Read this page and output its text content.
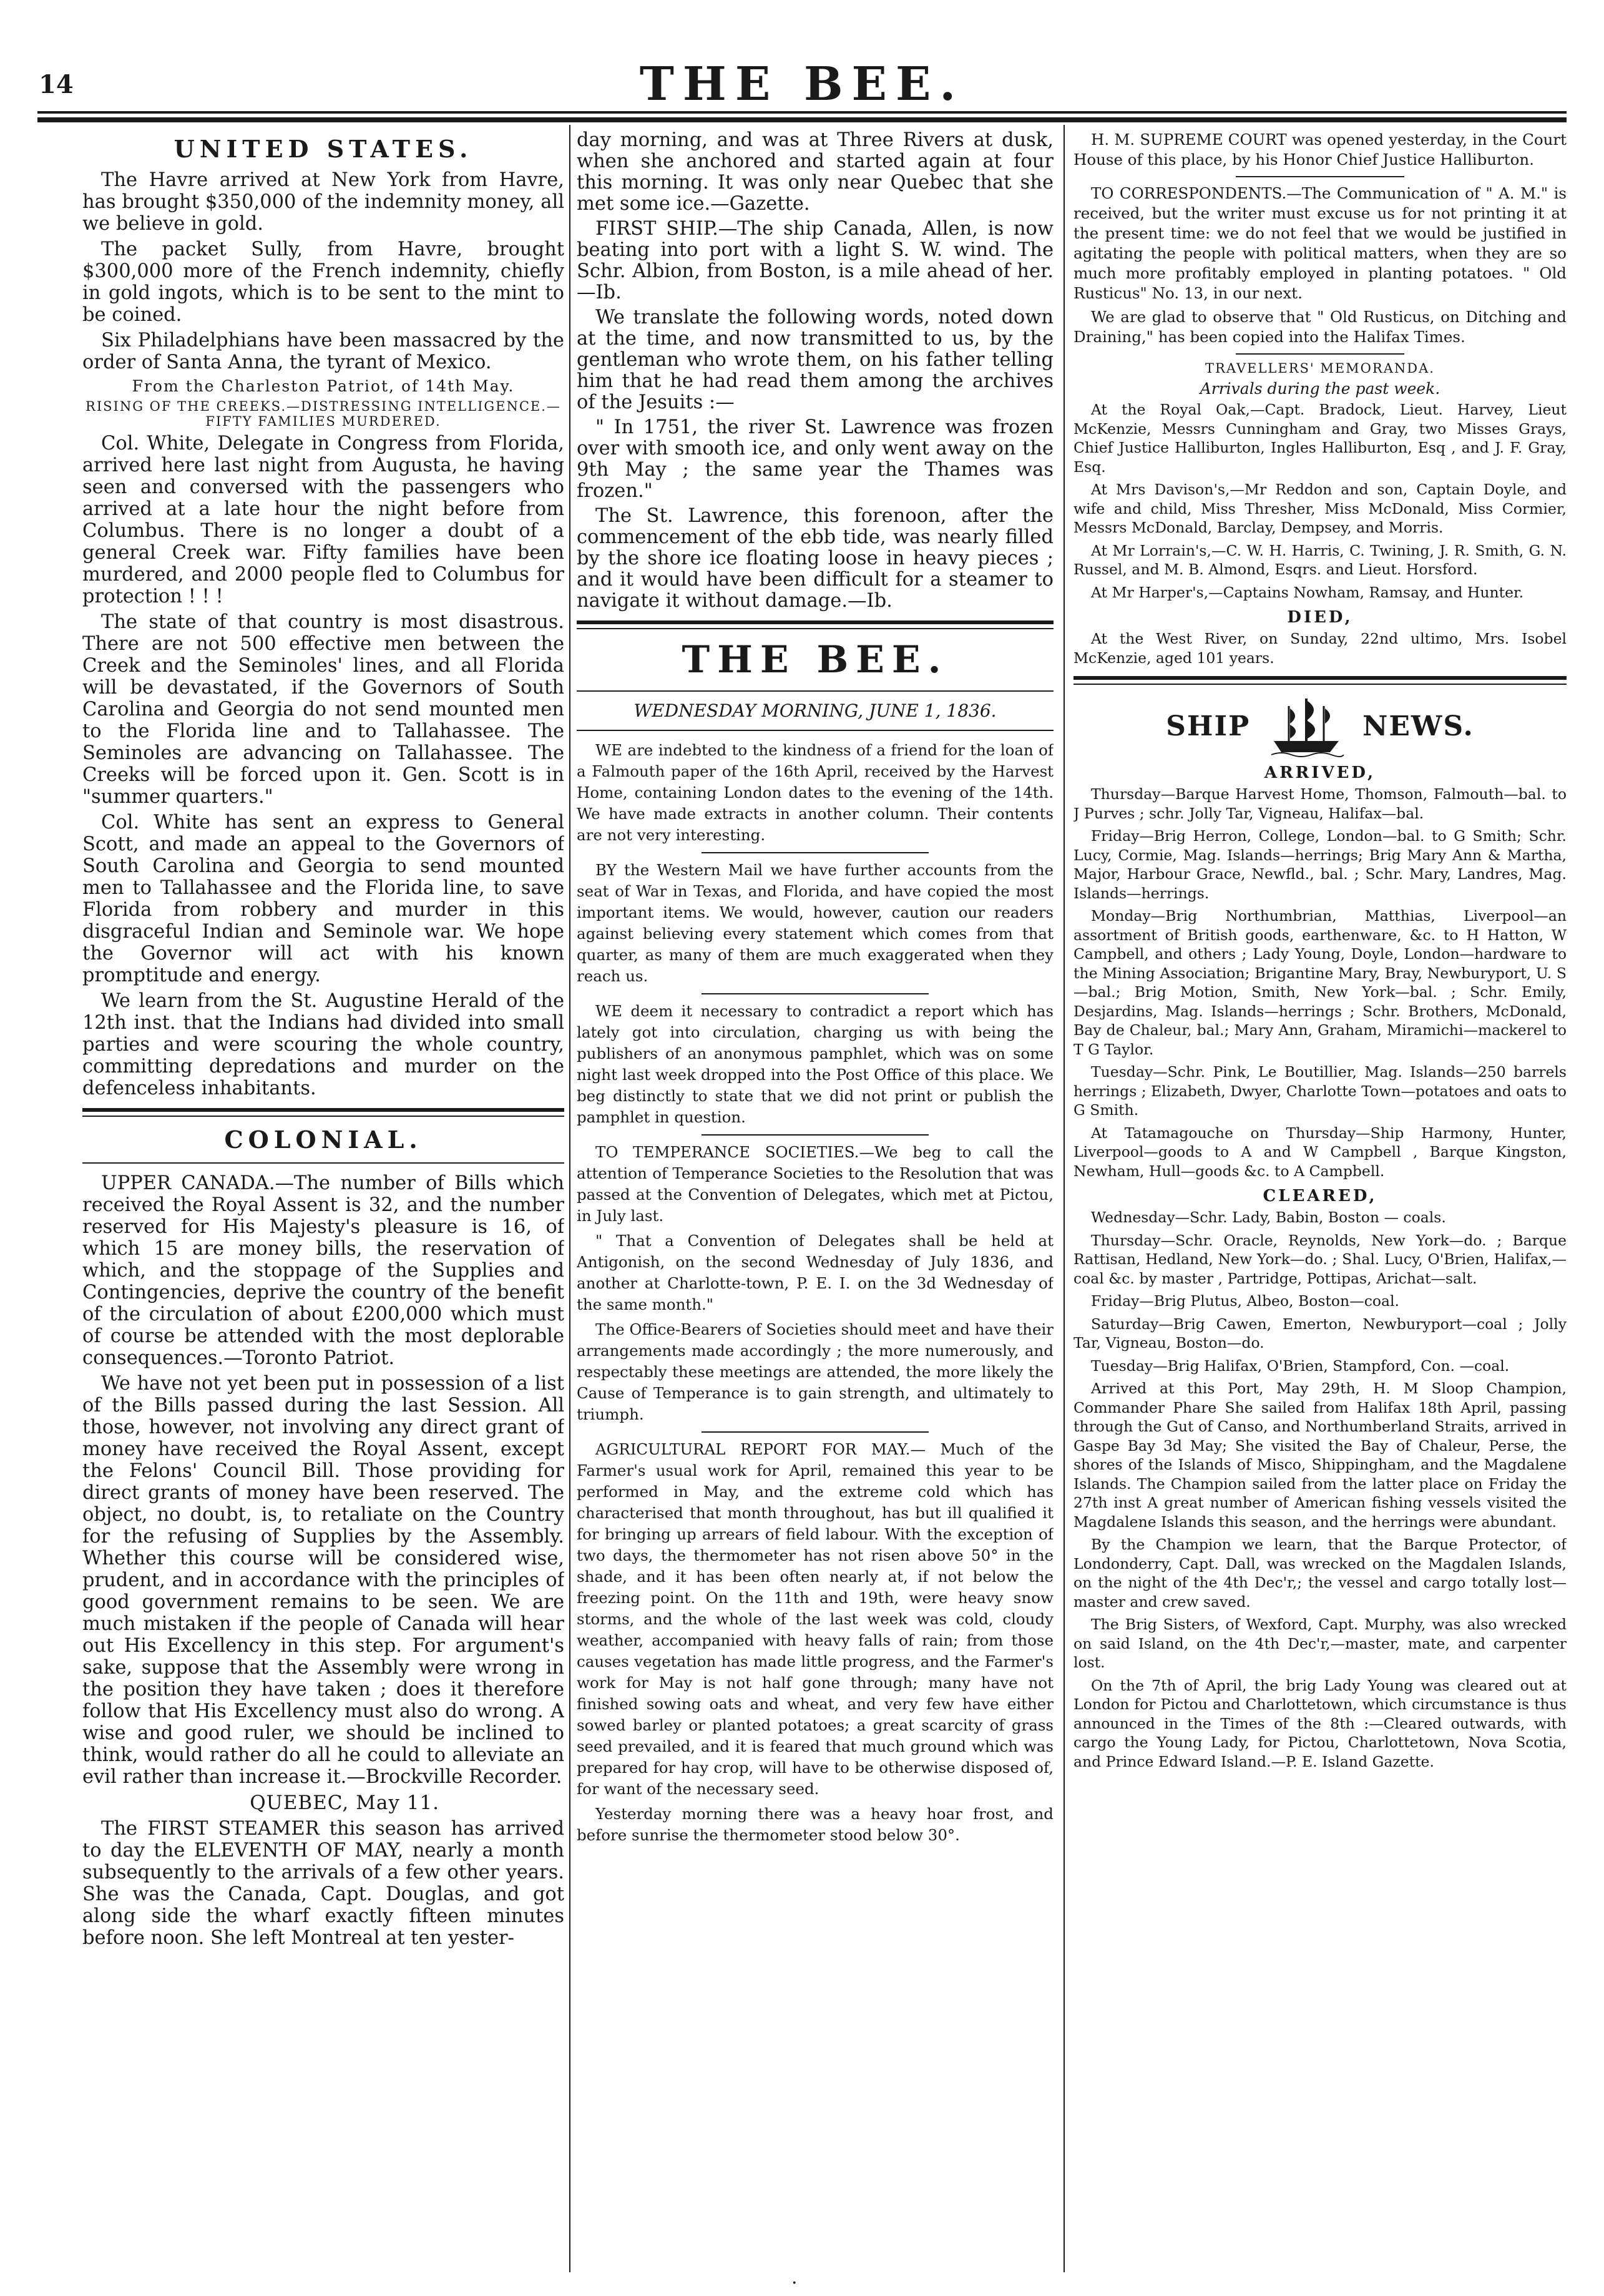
14	THE BEE.
UNITED STATES.

The Havre arrived at New York from Havre, has brought $350,000 of the indemnity money, all we believe in gold.

The packet Sully, from Havre, brought $300,000 more of the French indemnity, chiefly in gold ingots, which is to be sent to the mint to be coined.

Six Philadelphians have been massacred by the order of Santa Anna, the tyrant of Mexico.

From the Charleston Patriot, of 14th May.
RISING OF THE CREEKS.—DISTRESSING INTELLIGENCE.—FIFTY FAMILIES MURDERED.

Col. White, Delegate in Congress from Florida, arrived here last night from Augusta, he having seen and conversed with the passengers who arrived at a late hour the night before from Columbus. There is no longer a doubt of a general Creek war. Fifty families have been murdered, and 2000 people fled to Columbus for protection ! ! !

The state of that country is most disastrous. There are not 500 effective men between the Creek and the Seminoles' lines, and all Florida will be devastated, if the Governors of South Carolina and Georgia do not send mounted men to the Florida line and to Tallahassee. The Seminoles are advancing on Tallahassee. The Creeks will be forced upon it. Gen. Scott is in "summer quarters."

Col. White has sent an express to General Scott, and made an appeal to the Governors of South Carolina and Georgia to send mounted men to Tallahassee and the Florida line, to save Florida from robbery and murder in this disgraceful Indian and Seminole war. We hope the Governor will act with his known promptitude and energy.

We learn from the St. Augustine Herald of the 12th inst. that the Indians had divided into small parties and were scouring the whole country, committing depredations and murder on the defenceless inhabitants.

COLONIAL.

UPPER CANADA.—The number of Bills which received the Royal Assent is 32, and the number reserved for His Majesty's pleasure is 16, of which 15 are money bills, the reservation of which, and the stoppage of the Supplies and Contingencies, deprive the country of the benefit of the circulation of about £200,000 which must of course be attended with the most deplorable consequences.—Toronto Patriot.

We have not yet been put in possession of a list of the Bills passed during the last Session. All those, however, not involving any direct grant of money have received the Royal Assent, except the Felons' Council Bill. Those providing for direct grants of money have been reserved. The object, no doubt, is, to retaliate on the Country for the refusing of Supplies by the Assembly. Whether this course will be considered wise, prudent, and in accordance with the principles of good government remains to be seen. We are much mistaken if the people of Canada will hear out His Excellency in this step. For argument's sake, suppose that the Assembly were wrong in the position they have taken ; does it therefore follow that His Excellency must also do wrong. A wise and good ruler, we should be inclined to think, would rather do all he could to alleviate an evil rather than increase it.—Brockville Recorder.

QUEBEC, May 11.

The FIRST STEAMER this season has arrived to day the ELEVENTH OF MAY, nearly a month subsequently to the arrivals of a few other years. She was the Canada, Capt. Douglas, and got along side the wharf exactly fifteen minutes before noon. She left Montreal at ten yester-

day morning, and was at Three Rivers at dusk, when she anchored and started again at four this morning. It was only near Quebec that she met some ice.—Gazette.

FIRST SHIP.—The ship Canada, Allen, is now beating into port with a light S. W. wind. The Schr. Albion, from Boston, is a mile ahead of her.—Ib.

We translate the following words, noted down at the time, and now transmitted to us, by the gentleman who wrote them, on his father telling him that he had read them among the archives of the Jesuits :—

" In 1751, the river St. Lawrence was frozen over with smooth ice, and only went away on the 9th May ; the same year the Thames was frozen."

The St. Lawrence, this forenoon, after the commencement of the ebb tide, was nearly filled by the shore ice floating loose in heavy pieces ; and it would have been difficult for a steamer to navigate it without damage.—Ib.

THE BEE.
WEDNESDAY MORNING, JUNE 1, 1836.

WE are indebted to the kindness of a friend for the loan of a Falmouth paper of the 16th April, received by the Harvest Home, containing London dates to the evening of the 14th. We have made extracts in another column. Their contents are not very interesting.

BY the Western Mail we have further accounts from the seat of War in Texas, and Florida, and have copied the most important items. We would, however, caution our readers against believing every statement which comes from that quarter, as many of them are much exaggerated when they reach us.

WE deem it necessary to contradict a report which has lately got into circulation, charging us with being the publishers of an anonymous pamphlet, which was on some night last week dropped into the Post Office of this place. We beg distinctly to state that we did not print or publish the pamphlet in question.

TO TEMPERANCE SOCIETIES.—We beg to call the attention of Temperance Societies to the Resolution that was passed at the Convention of Delegates, which met at Pictou, in July last.

" That a Convention of Delegates shall be held at Antigonish, on the second Wednesday of July 1836, and another at Charlotte-town, P. E. I. on the 3d Wednesday of the same month."

The Office-Bearers of Societies should meet and have their arrangements made accordingly ; the more numerously, and respectably these meetings are attended, the more likely the Cause of Temperance is to gain strength, and ultimately to triumph.

AGRICULTURAL REPORT FOR MAY.— Much of the Farmer's usual work for April, remained this year to be performed in May, and the extreme cold which has characterised that month throughout, has but ill qualified it for bringing up arrears of field labour. With the exception of two days, the thermometer has not risen above 50° in the shade, and it has been often nearly at, if not below the freezing point. On the 11th and 19th, were heavy snow storms, and the whole of the last week was cold, cloudy weather, accompanied with heavy falls of rain; from those causes vegetation has made little progress, and the Farmer's work for May is not half gone through; many have not finished sowing oats and wheat, and very few have either sowed barley or planted potatoes; a great scarcity of grass seed prevailed, and it is feared that much ground which was prepared for hay crop, will have to be otherwise disposed of, for want of the necessary seed.

Yesterday morning there was a heavy hoar frost, and before sunrise the thermometer stood below 30°.

H. M. SUPREME COURT was opened yesterday, in the Court House of this place, by his Honor Chief Justice Halliburton.

TO CORRESPONDENTS.—The Communication of " A. M." is received, but the writer must excuse us for not printing it at the present time: we do not feel that we would be justified in agitating the people with political matters, when they are so much more profitably employed in planting potatoes. " Old Rusticus" No. 13, in our next.

We are glad to observe that " Old Rusticus, on Ditching and Draining," has been copied into the Halifax Times.

TRAVELLERS' MEMORANDA.
Arrivals during the past week.

At the Royal Oak,—Capt. Bradock, Lieut. Harvey, Lieut McKenzie, Messrs Cunningham and Gray, two Misses Grays, Chief Justice Halliburton, Ingles Halliburton, Esq , and J. F. Gray, Esq.

At Mrs Davison's,—Mr Reddon and son, Captain Doyle, and wife and child, Miss Thresher, Miss McDonald, Miss Cormier, Messrs McDonald, Barclay, Dempsey, and Morris.

At Mr Lorrain's,—C. W. H. Harris, C. Twining, J. R. Smith, G. N. Russel, and M. B. Almond, Esqrs. and Lieut. Horsford.

At Mr Harper's,—Captains Nowham, Ramsay, and Hunter.

DIED,

At the West River, on Sunday, 22nd ultimo, Mrs. Isobel McKenzie, aged 101 years.

SHIP	NEWS.
ARRIVED,

Thursday—Barque Harvest Home, Thomson, Falmouth—bal. to J Purves ; schr. Jolly Tar, Vigneau, Halifax—bal.

Friday—Brig Herron, College, London—bal. to G Smith; Schr. Lucy, Cormie, Mag. Islands—herrings; Brig Mary Ann & Martha, Major, Harbour Grace, Newfld., bal. ; Schr. Mary, Landres, Mag. Islands—herrings.

Monday—Brig Northumbrian, Matthias, Liverpool—an assortment of British goods, earthenware, &c. to H Hatton, W Campbell, and others ; Lady Young, Doyle, London—hardware to the Mining Association; Brigantine Mary, Bray, Newburyport, U. S—bal.; Brig Motion, Smith, New York—bal. ; Schr. Emily, Desjardins, Mag. Islands—herrings ; Schr. Brothers, McDonald, Bay de Chaleur, bal.; Mary Ann, Graham, Miramichi—mackerel to T G Taylor.

Tuesday—Schr. Pink, Le Boutillier, Mag. Islands—250 barrels herrings ; Elizabeth, Dwyer, Charlotte Town—potatoes and oats to G Smith.

At Tatamagouche on Thursday—Ship Harmony, Hunter, Liverpool—goods to A and W Campbell , Barque Kingston, Newham, Hull—goods &c. to A Campbell.

CLEARED,

Wednesday—Schr. Lady, Babin, Boston — coals.

Thursday—Schr. Oracle, Reynolds, New York—do. ; Barque Rattisan, Hedland, New York—do. ; Shal. Lucy, O'Brien, Halifax,—coal &c. by master , Partridge, Pottipas, Arichat—salt.

Friday—Brig Plutus, Albeo, Boston—coal.

Saturday—Brig Cawen, Emerton, Newburyport—coal ; Jolly Tar, Vigneau, Boston—do.

Tuesday—Brig Halifax, O'Brien, Stampford, Con. —coal.

Arrived at this Port, May 29th, H. M Sloop Champion, Commander Phare She sailed from Halifax 18th April, passing through the Gut of Canso, and Northumberland Straits, arrived in Gaspe Bay 3d May; She visited the Bay of Chaleur, Perse, the shores of the Islands of Misco, Shippingham, and the Magdalene Islands. The Champion sailed from the latter place on Friday the 27th inst A great number of American fishing vessels visited the Magdalene Islands this season, and the herrings were abundant.

By the Champion we learn, that the Barque Protector, of Londonderry, Capt. Dall, was wrecked on the Magdalen Islands, on the night of the 4th Dec'r,; the vessel and cargo totally lost—master and crew saved.

The Brig Sisters, of Wexford, Capt. Murphy, was also wrecked on said Island, on the 4th Dec'r,—master, mate, and carpenter lost.

On the 7th of April, the brig Lady Young was cleared out at London for Pictou and Charlottetown, which circumstance is thus announced in the Times of the 8th :—Cleared outwards, with cargo the Young Lady, for Pictou, Charlottetown, Nova Scotia, and Prince Edward Island.—P. E. Island Gazette.

·
